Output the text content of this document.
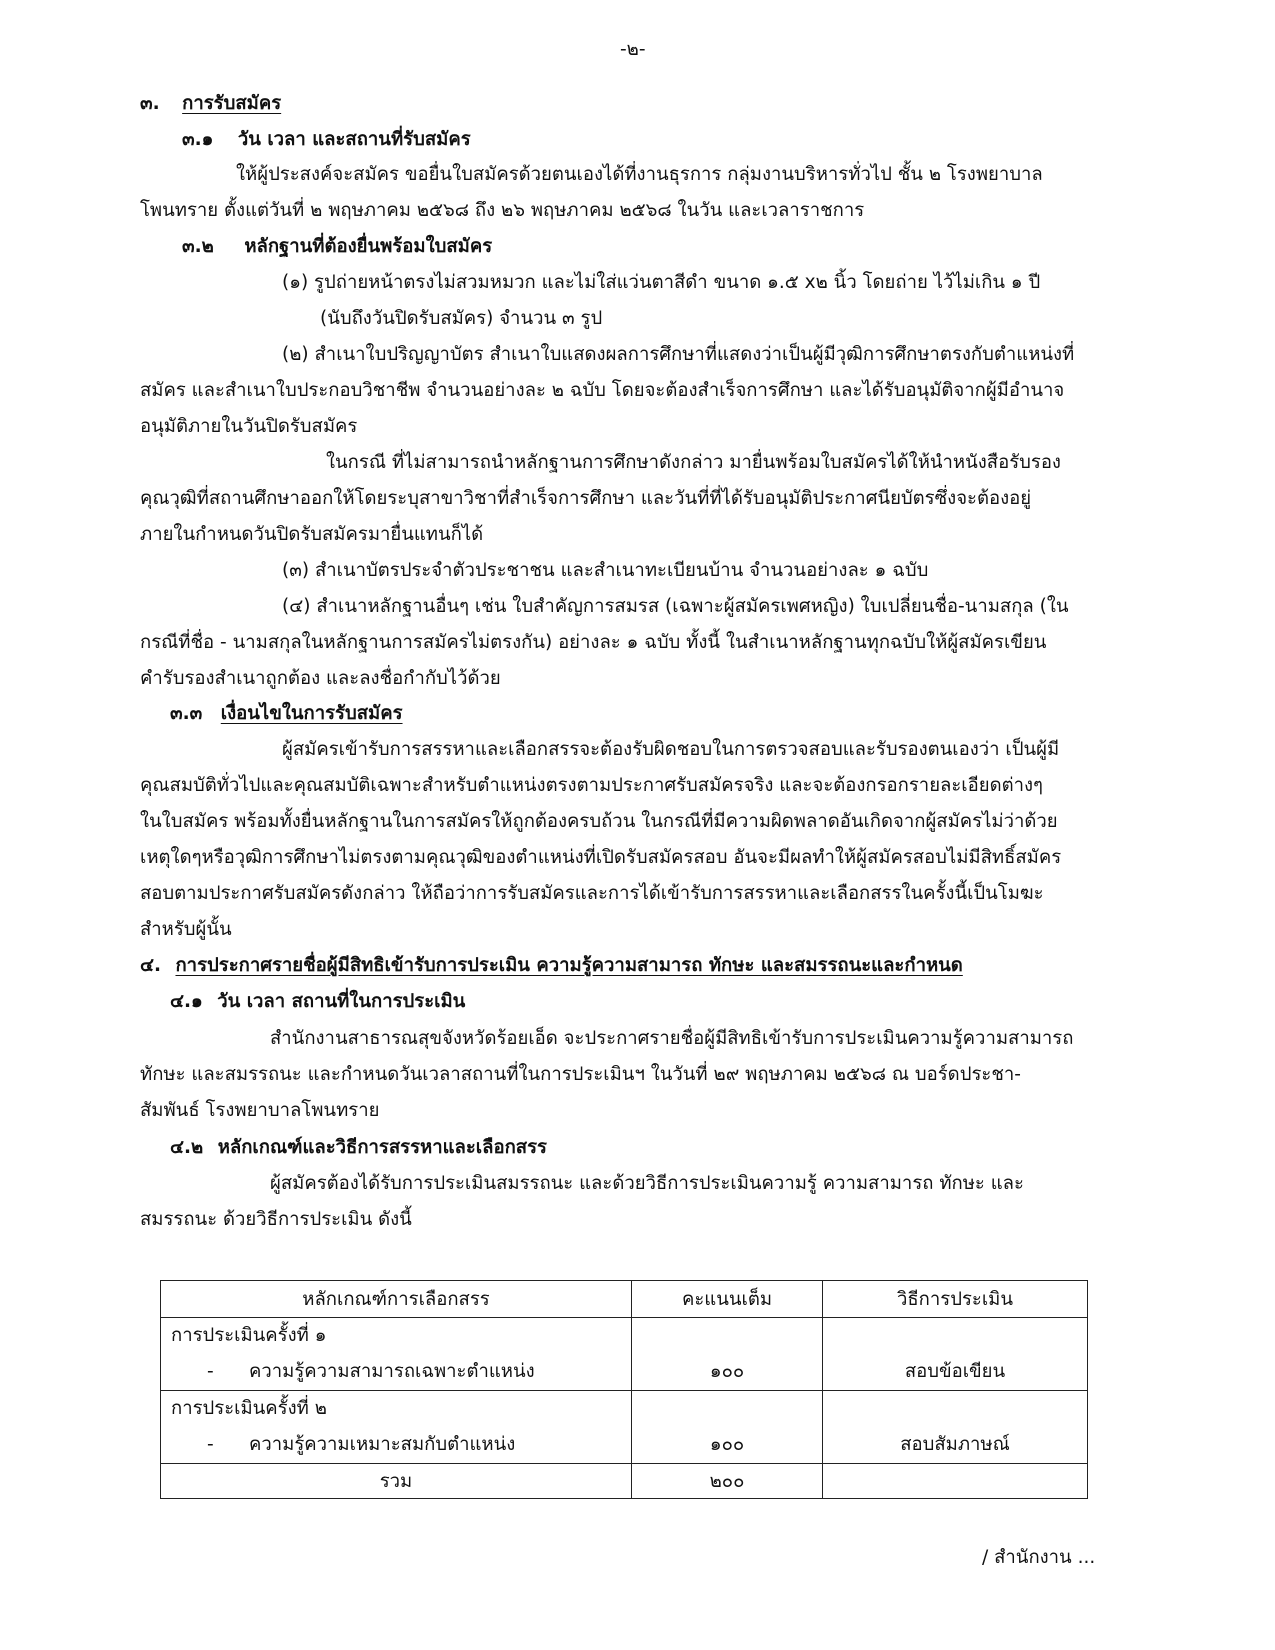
-๒-
๓. การรับสมัคร
๓.๑ วัน เวลา และสถานที่รับสมัคร
ให้ผู้ประสงค์จะสมัคร ขอยื่นใบสมัครด้วยตนเองได้ที่งานธุรการ กลุ่มงานบริหารทั่วไป ชั้น ๒ โรงพยาบาล
โพนทราย ตั้งแต่วันที่ ๒ พฤษภาคม ๒๕๖๘ ถึง ๒๖ พฤษภาคม ๒๕๖๘ ในวัน และเวลาราชการ
๓.๒ หลักฐานที่ต้องยื่นพร้อมใบสมัคร
(๑) รูปถ่ายหน้าตรงไม่สวมหมวก และไม่ใส่แว่นตาสีดำ ขนาด ๑.๕ x๒ นิ้ว โดยถ่าย ไว้ไม่เกิน ๑ ปี
(นับถึงวันปิดรับสมัคร) จำนวน ๓ รูป
(๒) สำเนาใบปริญญาบัตร สำเนาใบแสดงผลการศึกษาที่แสดงว่าเป็นผู้มีวุฒิการศึกษาตรงกับตำแหน่งที่
สมัคร และสำเนาใบประกอบวิชาชีพ จำนวนอย่างละ ๒ ฉบับ โดยจะต้องสำเร็จการศึกษา และได้รับอนุมัติจากผู้มีอำนาจ
อนุมัติภายในวันปิดรับสมัคร
ในกรณี ที่ไม่สามารถนำหลักฐานการศึกษาดังกล่าว มายื่นพร้อมใบสมัครได้ให้นำหนังสือรับรอง
คุณวุฒิที่สถานศึกษาออกให้โดยระบุสาขาวิชาที่สำเร็จการศึกษา และวันที่ที่ได้รับอนุมัติประกาศนียบัตรซึ่งจะต้องอยู่
ภายในกำหนดวันปิดรับสมัครมายื่นแทนก็ได้
(๓) สำเนาบัตรประจำตัวประชาชน และสำเนาทะเบียนบ้าน จำนวนอย่างละ ๑ ฉบับ
(๔) สำเนาหลักฐานอื่นๆ เช่น ใบสำคัญการสมรส (เฉพาะผู้สมัครเพศหญิง) ใบเปลี่ยนชื่อ-นามสกุล (ใน
กรณีที่ชื่อ - นามสกุลในหลักฐานการสมัครไม่ตรงกัน) อย่างละ ๑ ฉบับ ทั้งนี้ ในสำเนาหลักฐานทุกฉบับให้ผู้สมัครเขียน
คำรับรองสำเนาถูกต้อง และลงชื่อกำกับไว้ด้วย
๓.๓ เงื่อนไขในการรับสมัคร
ผู้สมัครเข้ารับการสรรหาและเลือกสรรจะต้องรับผิดชอบในการตรวจสอบและรับรองตนเองว่า เป็นผู้มี
คุณสมบัติทั่วไปและคุณสมบัติเฉพาะสำหรับตำแหน่งตรงตามประกาศรับสมัครจริง และจะต้องกรอกรายละเอียดต่างๆ
ในใบสมัคร พร้อมทั้งยื่นหลักฐานในการสมัครให้ถูกต้องครบถ้วน ในกรณีที่มีความผิดพลาดอันเกิดจากผู้สมัครไม่ว่าด้วย
เหตุใดๆหรือวุฒิการศึกษาไม่ตรงตามคุณวุฒิของตำแหน่งที่เปิดรับสมัครสอบ อันจะมีผลทำให้ผู้สมัครสอบไม่มีสิทธิ์สมัคร
สอบตามประกาศรับสมัครดังกล่าว ให้ถือว่าการรับสมัครและการได้เข้ารับการสรรหาและเลือกสรรในครั้งนี้เป็นโมฆะ
สำหรับผู้นั้น
๔. การประกาศรายชื่อผู้มีสิทธิเข้ารับการประเมิน ความรู้ความสามารถ ทักษะ และสมรรถนะและกำหนด
๔.๑ วัน เวลา สถานที่ในการประเมิน
สำนักงานสาธารณสุขจังหวัดร้อยเอ็ด จะประกาศรายชื่อผู้มีสิทธิเข้ารับการประเมินความรู้ความสามารถ
ทักษะ และสมรรถนะ และกำหนดวันเวลาสถานที่ในการประเมินฯ ในวันที่ ๒๙ พฤษภาคม ๒๕๖๘ ณ บอร์ดประชา-
สัมพันธ์ โรงพยาบาลโพนทราย
๔.๒ หลักเกณฑ์และวิธีการสรรหาและเลือกสรร
ผู้สมัครต้องได้รับการประเมินสมรรถนะ และด้วยวิธีการประเมินความรู้ ความสามารถ ทักษะ และ
สมรรถนะ ด้วยวิธีการประเมิน ดังนี้
หลักเกณฑ์การเลือกสรร	คะแนนเต็ม	วิธีการประเมิน

การประเมินครั้งที่ ๑
- ความรู้ความสามารถเฉพาะตำแหน่ง	๑๐๐	สอบข้อเขียน

การประเมินครั้งที่ ๒
- ความรู้ความเหมาะสมกับตำแหน่ง	๑๐๐	สอบสัมภาษณ์
รวม	๒๐๐	
/ สำนักงาน ...
